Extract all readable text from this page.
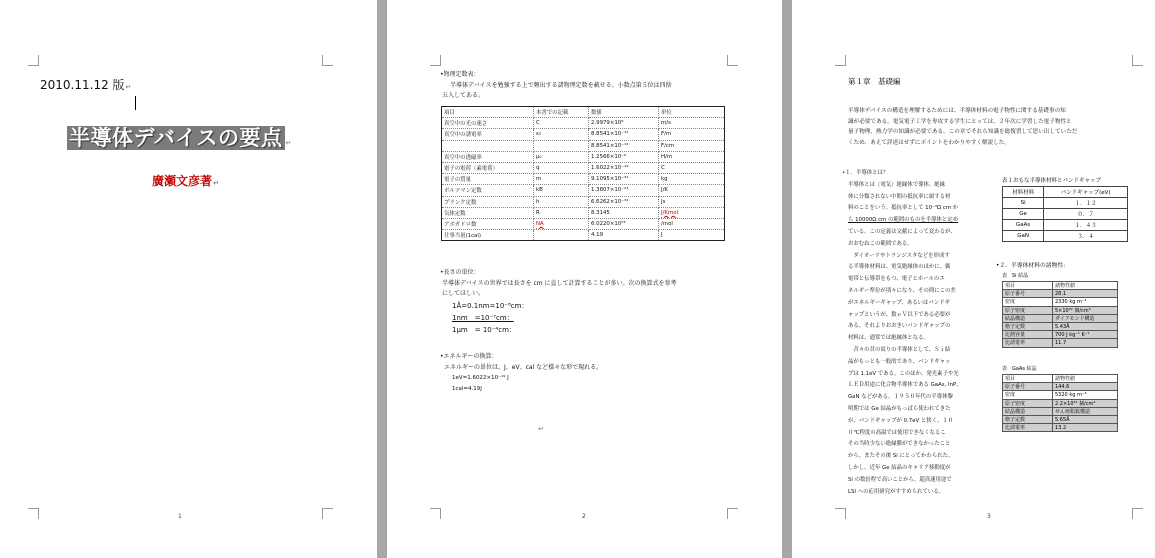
2010.11.12 版 ↵
半導体デバイスの要点 ↵
廣瀬文彦著 ↵
1
•物理定数表：
半導体デバイスを勉強する上で頻出する諸物理定数を載せる。小数点第５位は四捨
五入してある。
項目	本書での記載	数値	単位
真空中の光の速さ	C	2.9979×10⁸	m/s
真空中の誘電率	ε₀	8.8541×10⁻¹²	F/m
		8.8541×10⁻¹⁴	F/cm
真空中の透磁率	μ₀	1.2566×10⁻⁶	H/m
電子の電荷（素電荷）	q	1.6022×10⁻¹⁹	C
電子の質量	m	9.1095×10⁻³¹	kg
ボルツマン定数	kB	1.3807×10⁻²³	J/K
プランク定数	h	6.6262×10⁻³⁴	Js
気体定数	R	8.3145	J/Kmol
アボガドロ数	NA	6.0220×10²³	/mol
仕事当量(1cal)		4.19	J
•長さの単位：
半導体デバイスの世界では長さを cm に直して計算することが多い。次の換算式を参考
にしてほしい。
1Å=0.1nm=10⁻⁸cm：
1nm　=10⁻⁷cm：
1μm　= 10⁻⁴cm：
•エネルギーの換算：
エネルギーの単位は、J、eV、cal など様々な形で現れる。
1eV=1.6022×10⁻¹⁹ J
1cal=4.19J
↵
2
第１章　基礎編
半導体デバイスの構造を理解するためには、半導体材料の電子物性に関する基礎事の知
識が必要である。電気電子工学を専攻する学生にとっては、２年次に学習した電子物性と
量子物理、熱力学の知識が必要である。この章でそれら知識を総復習して思い出していただ
くため、あえて詳述はせずにポイントをわかりやすく解説した。
•１．半導体とは？
半導体とは（電気）絶縁体で導体、絶縁
体に分類されない中間の抵抗率に属する材
料のことをいう。抵抗率として 10⁻³Ω cm か
ら 10000Ω cm の範囲のものを半導体と定め
ている。この定義は文献によって変わるが、
おおむねこの範囲である。
　ダイオードやトランジスタなどを形成す
る半導体材料は、電気絶縁体のほかに、価
電帯と伝導帯をもつ、電子とホールのエ
ネルギー準位が別々になり、その間にこの差
がエネルギーギャップ、あるいはバンドギ
ャップというが、数ｅＶ以下である必要が
ある。それよりおおきいバンドギャップの
材料は、通常では絶縁体となる。
　昔々の昔の頃りの半導体として、Ｓｉ結
晶がもっとも一般的であり、バンドギャッ
プは 1.1eV である。このほか、発光素子や光
ＬＥＤ用途に化合物半導体である GaAs, InP,
GaN などがある。１９５０年代の半導体黎
明期では Ge 結晶がもっぱら使われてきた
が、バンドギャップが 0.7eV と狭く、１０
０℃程度の高温では使用できなくなるこ
その当時少ない絶縁膜ができなかったこと
から、またその後 Si にとってかわられた。
しかし、近年 Ge 結晶のキャリア移動度が
Si の数倍程で高いことから、超高速用途で
LSI への応用研究がすすめられている。
表１おもな半導体材料とバンドギャップ
材料材料	バンドギャップ(eV)
Si	１．１２
Ge	０．７
GaAs	１．４３
GaN	３．４
•２．半導体材料の諸物性：
表　Si 結晶
項目	諸物性値
原子番号	28.1
密度	2330 kg m⁻³
原子密度	5×10²² 個/cm³
結晶構造	ダイアモンド構造
格子定数	5.43Å
比熱容量	700 J kg⁻¹ K⁻¹
比誘電率	11.7
表　GaAs 結晶
項目	諸物性値
原子番号	144.6
密度	5320 kg m⁻³
原子密度	2.2×10²² 個/cm³
結晶構造	せん亜鉛鉱構造
格子定数	5.65Å
比誘電率	13.2
3
